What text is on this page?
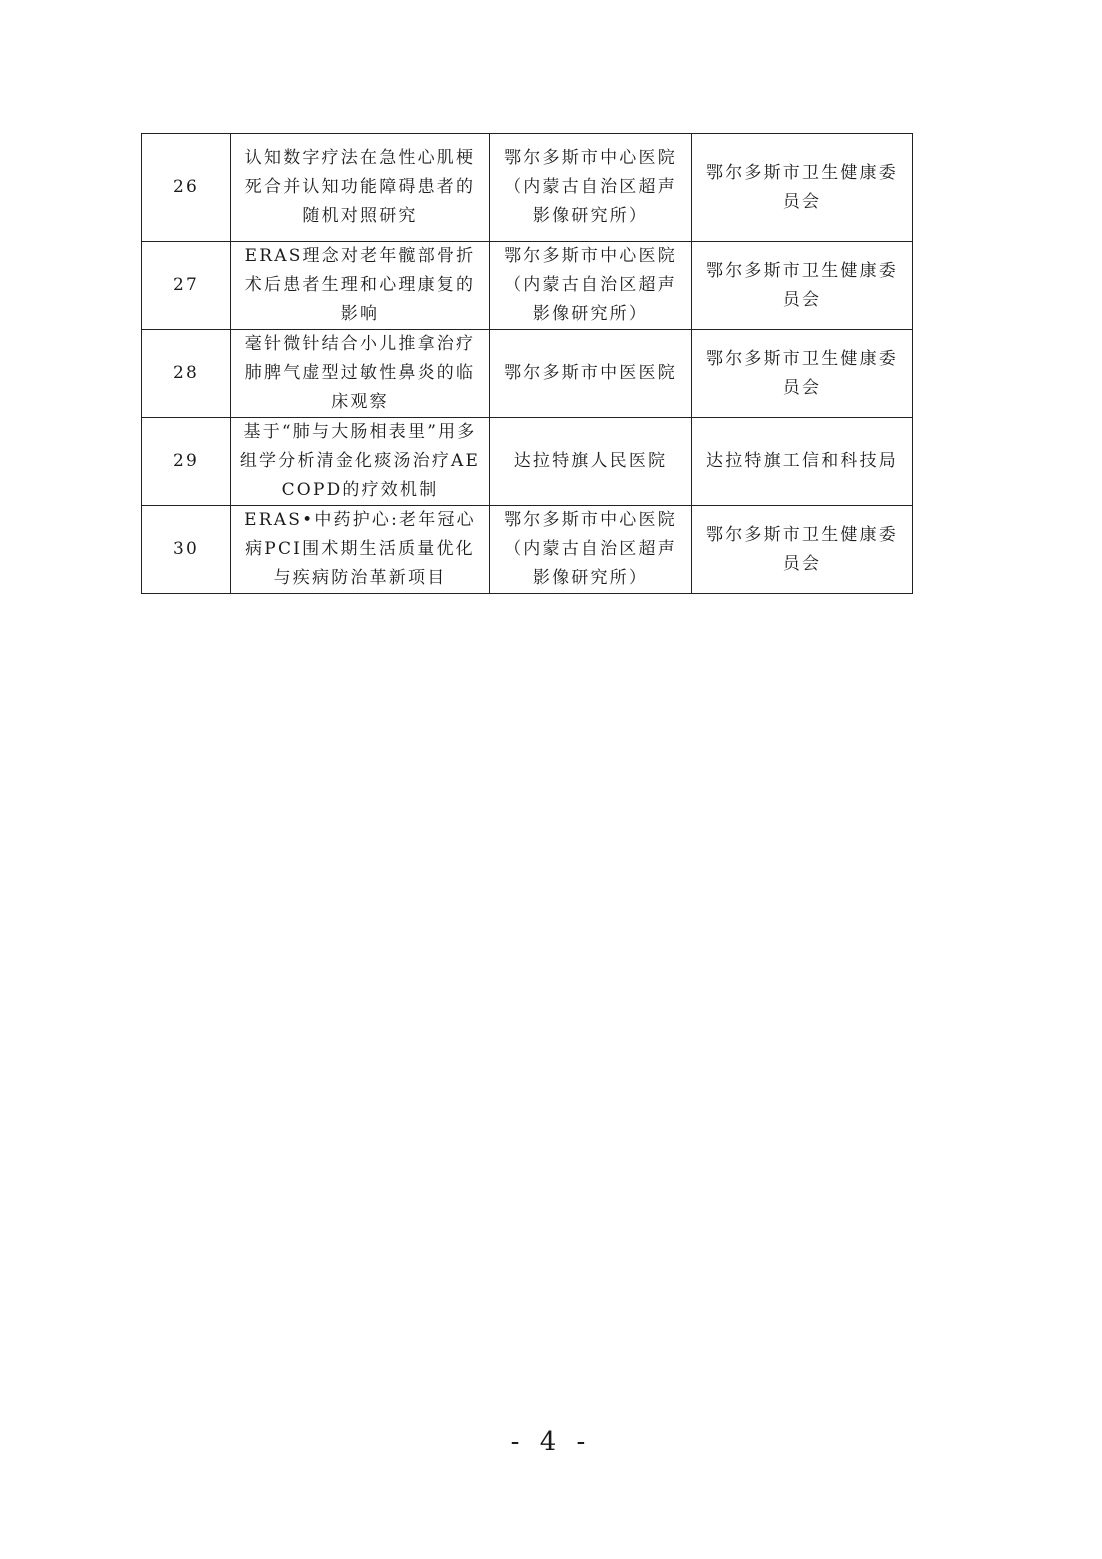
26	认知数字疗法在急性心肌梗死合并认知功能障碍患者的随机对照研究	鄂尔多斯市中心医院（内蒙古自治区超声影像研究所）	鄂尔多斯市卫生健康委员会
27	ERAS理念对老年髋部骨折术后患者生理和心理康复的影响	鄂尔多斯市中心医院（内蒙古自治区超声影像研究所）	鄂尔多斯市卫生健康委员会
28	毫针微针结合小儿推拿治疗肺脾气虚型过敏性鼻炎的临床观察	鄂尔多斯市中医医院	鄂尔多斯市卫生健康委员会
29	基于“肺与大肠相表里”用多组学分析清金化痰汤治疗AECOPD的疗效机制	达拉特旗人民医院	达拉特旗工信和科技局
30	ERAS•中药护心:老年冠心病PCI围术期生活质量优化与疾病防治革新项目	鄂尔多斯市中心医院（内蒙古自治区超声影像研究所）	鄂尔多斯市卫生健康委员会
- 4 -
